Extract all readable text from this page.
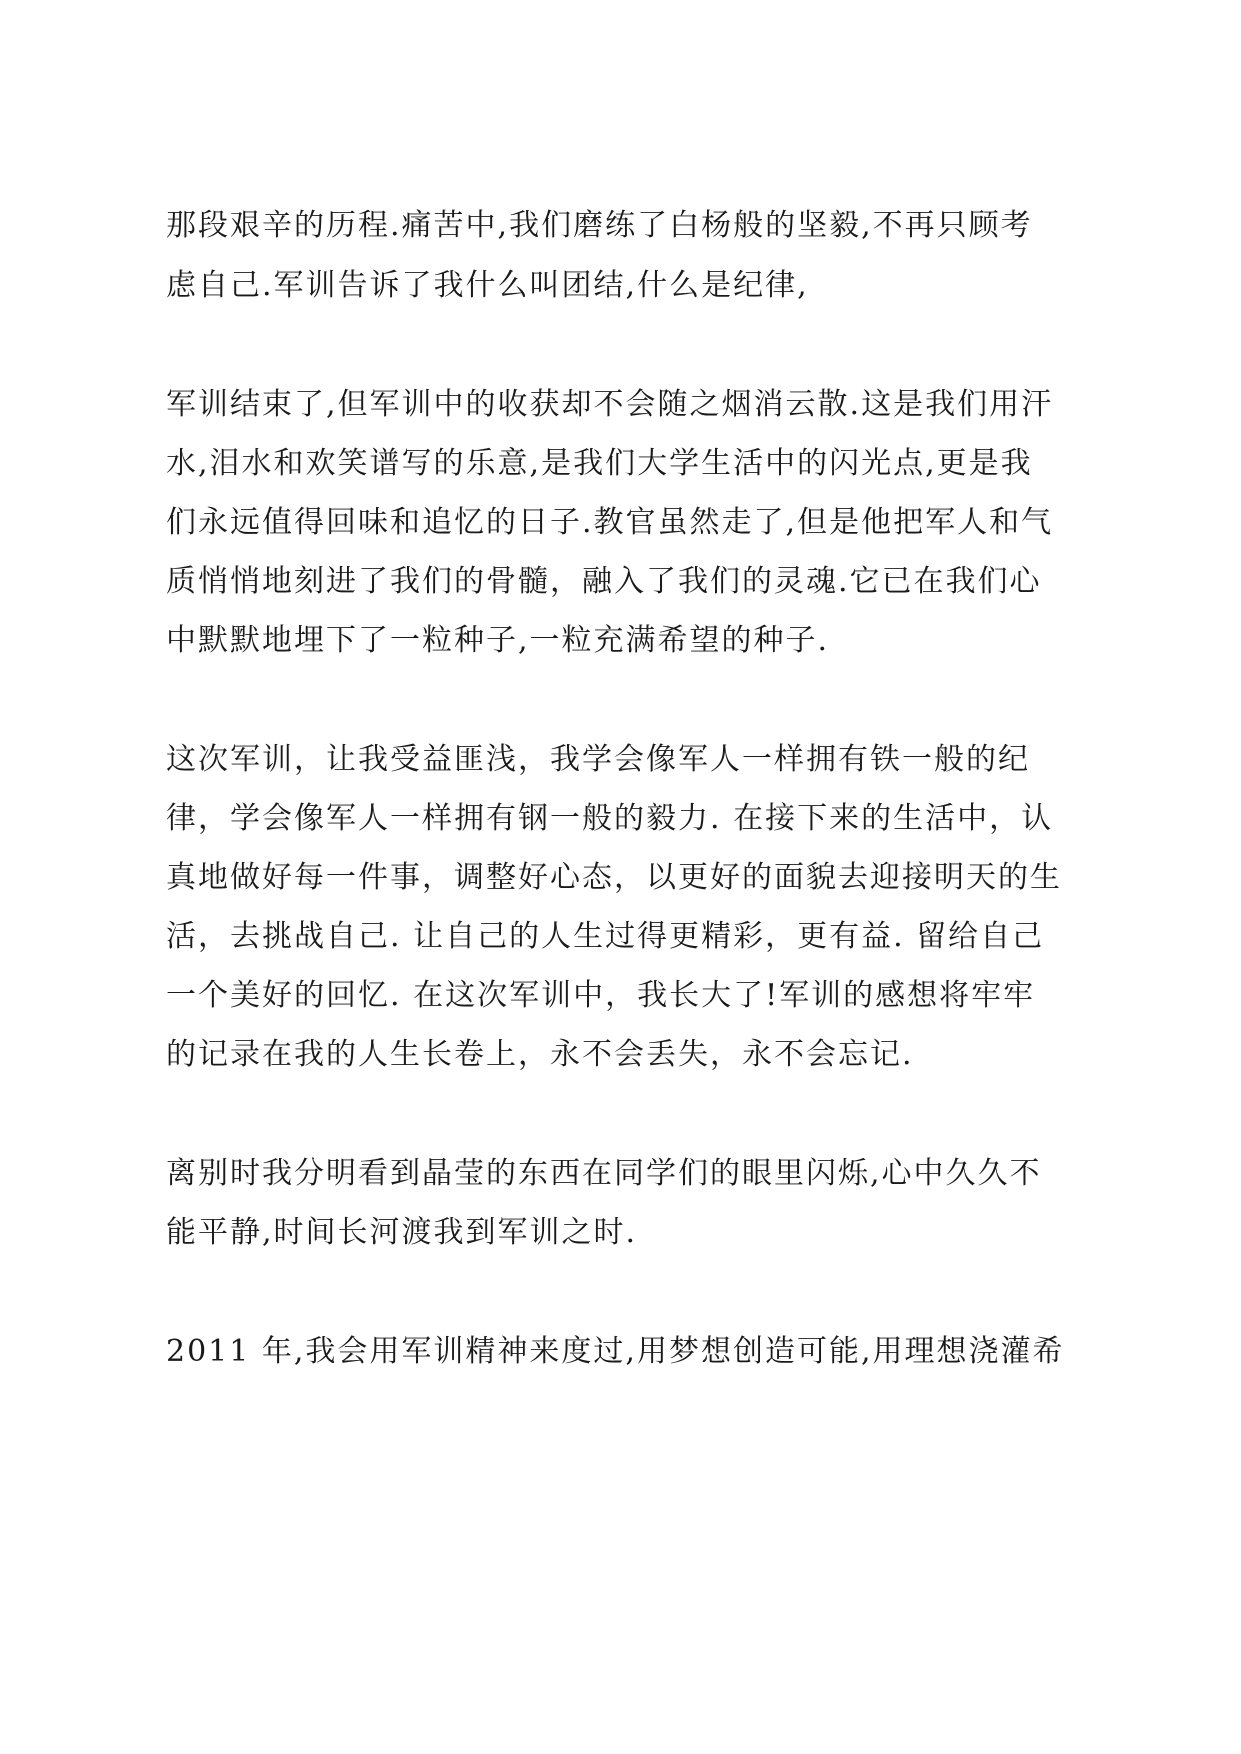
那段艰辛的历程.痛苦中,我们磨练了白杨般的坚毅,不再只顾考
虑自己.军训告诉了我什么叫团结,什么是纪律,
军训结束了,但军训中的收获却不会随之烟消云散.这是我们用汗
水,泪水和欢笑谱写的乐意,是我们大学生活中的闪光点,更是我
们永远值得回味和追忆的日子.教官虽然走了,但是他把军人和气
质悄悄地刻进了我们的骨髓，融入了我们的灵魂.它已在我们心
中默默地埋下了一粒种子,一粒充满希望的种子.
这次军训，让我受益匪浅，我学会像军人一样拥有铁一般的纪
律，学会像军人一样拥有钢一般的毅力. 在接下来的生活中，认
真地做好每一件事，调整好心态，以更好的面貌去迎接明天的生
活，去挑战自己. 让自己的人生过得更精彩，更有益. 留给自己
一个美好的回忆. 在这次军训中，我长大了!军训的感想将牢牢
的记录在我的人生长卷上，永不会丢失，永不会忘记.
离别时我分明看到晶莹的东西在同学们的眼里闪烁,心中久久不
能平静,时间长河渡我到军训之时.
2011 年,我会用军训精神来度过,用梦想创造可能,用理想浇灌希
